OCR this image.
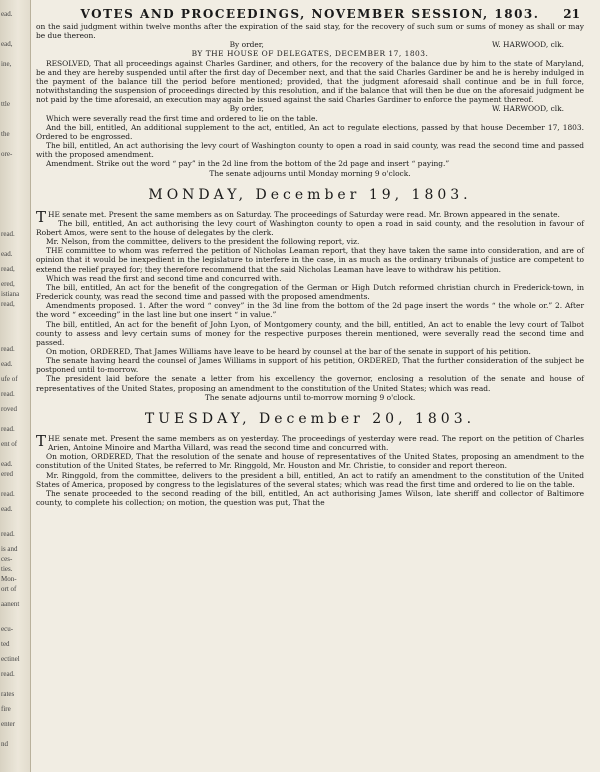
ead.
ead,
ine,
ttle
the
ore-
read.
ead.
read,
ered,
istiana
read,
read.
ead.
ufe of
read.
roved
read.
ent of
ead.
ered
read.
ead.
read.
is and
ces-
ties.
Mon-
ort of
aanent
ecu-
ted
ectinel
read.
rates
fire
enter
nd
VOTES AND PROCEEDINGS, NOVEMBER SESSION, 1803.	21

on the said judgment within twelve months after the expiration of the said stay, for the recovery of such sum or sums of money as shall or may be due thereon.

By order,	W. HARWOOD, clk.
BY THE HOUSE OF DELEGATES, DECEMBER 17, 1803.

RESOLVED, That all proceedings against Charles Gardiner, and others, for the recovery of the balance due by him to the state of Maryland, be and they are hereby suspended until after the first day of December next, and that the said Charles Gardiner be and he is hereby indulged in the payment of the balance till the period before mentioned; provided, that the judgment aforesaid shall continue and be in full force, notwithstanding the suspension of proceedings directed by this resolution, and if the balance that will then be due on the aforesaid judgment be not paid by the time aforesaid, an execution may again be issued against the said Charles Gardiner to enforce the payment thereof.

By order,	W. HARWOOD, clk.

Which were severally read the first time and ordered to lie on the table.

And the bill, entitled, An additional supplement to the act, entitled, An act to regulate elections, passed by that house December 17, 1803. Ordered to be engrossed.

The bill, entitled, An act authorising the levy court of Washington county to open a road in said county, was read the second time and passed with the proposed amendment.

Amendment. Strike out the word “ pay” in the 2d line from the bottom of the 2d page and insert “ paying.”

The senate adjourns until Monday morning 9 o'clock.
MONDAY, December 19, 1803.

THE senate met. Present the same members as on Saturday. The proceedings of Saturday were read. Mr. Brown appeared in the senate.

The bill, entitled, An act authorising the levy court of Washington county to open a road in said county, and the resolution in favour of Robert Amos, were sent to the house of delegates by the clerk.

Mr. Nelson, from the committee, delivers to the president the following report, viz.

THE committee to whom was referred the petition of Nicholas Leaman report, that they have taken the same into consideration, and are of opinion that it would be inexpedient in the legislature to interfere in the case, in as much as the ordinary tribunals of justice are competent to extend the relief prayed for; they therefore recommend that the said Nicholas Leaman have leave to withdraw his petition.

Which was read the first and second time and concurred with.

The bill, entitled, An act for the benefit of the congregation of the German or High Dutch reformed christian church in Frederick-town, in Frederick county, was read the second time and passed with the proposed amendments.

Amendments proposed. 1. After the word “ convey” in the 3d line from the bottom of the 2d page insert the words “ the whole or.” 2. After the word “ exceeding” in the last line but one insert “ in value.”

The bill, entitled, An act for the benefit of John Lyon, of Montgomery county, and the bill, entitled, An act to enable the levy court of Talbot county to assess and levy certain sums of money for the respective purposes therein mentioned, were severally read the second time and passed.

On motion, ORDERED, That James Williams have leave to be heard by counsel at the bar of the senate in support of his petition.

The senate having heard the counsel of James Williams in support of his petition, ORDERED, That the further consideration of the subject be postponed until to-morrow.

The president laid before the senate a letter from his excellency the governor, enclosing a resolution of the senate and house of representatives of the United States, proposing an amendment to the constitution of the United States; which was read.

The senate adjourns until to-morrow morning 9 o'clock.
TUESDAY, December 20, 1803.

THE senate met. Present the same members as on yesterday. The proceedings of yesterday were read. The report on the petition of Charles Arien, Antoine Minoire and Martha Villard, was read the second time and concurred with.

On motion, ORDERED, That the resolution of the senate and house of representatives of the United States, proposing an amendment to the constitution of the United States, be referred to Mr. Ringgold, Mr. Houston and Mr. Christie, to consider and report thereon.

Mr. Ringgold, from the committee, delivers to the president a bill, entitled, An act to ratify an amendment to the constitution of the United States of America, proposed by congress to the legislatures of the several states; which was read the first time and ordered to lie on the table.

The senate proceeded to the second reading of the bill, entitled, An act authorising James Wilson, late sheriff and collector of Baltimore county, to complete his collection; on motion, the question was put, That the
